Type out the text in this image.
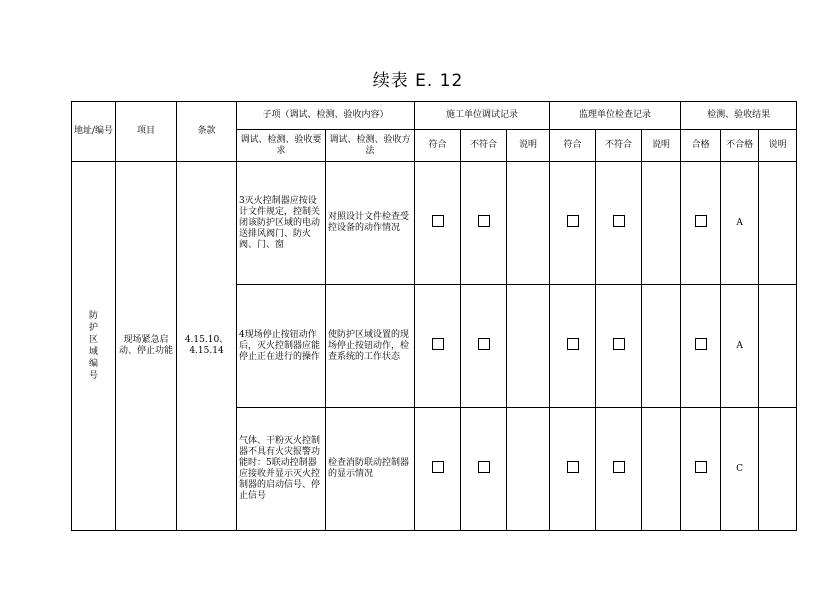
续表 E. 12
地址/编号	项目	条款	子项（调试、检测、验收内容）		施工单位调试记录			监理单位检查记录			检测、验收结果		
			调试、检测、验收要求	调试、检测、验收方法	符合	不符合	说明	符合	不符合	说明	合格	不合格	说明
防护区域编号	现场紧急启动、停止功能	4.15.10、4.15.14	3灭火控制器应按设计文件规定，控制关闭该防护区域的电动送排风阀门、防火阀、门、窗	对照设计文件检查受控设备的动作情况								A	
			4现场停止按钮动作后，灭火控制器应能停止正在进行的操作	使防护区域设置的现场停止按钮动作，检查系统的工作状态								A	
			气体、干粉灭火控制器不具有火灾报警功能时：5联动控制器应接收并显示灭火控制器的启动信号、停止信号	检查消防联动控制器的显示情况								C	
